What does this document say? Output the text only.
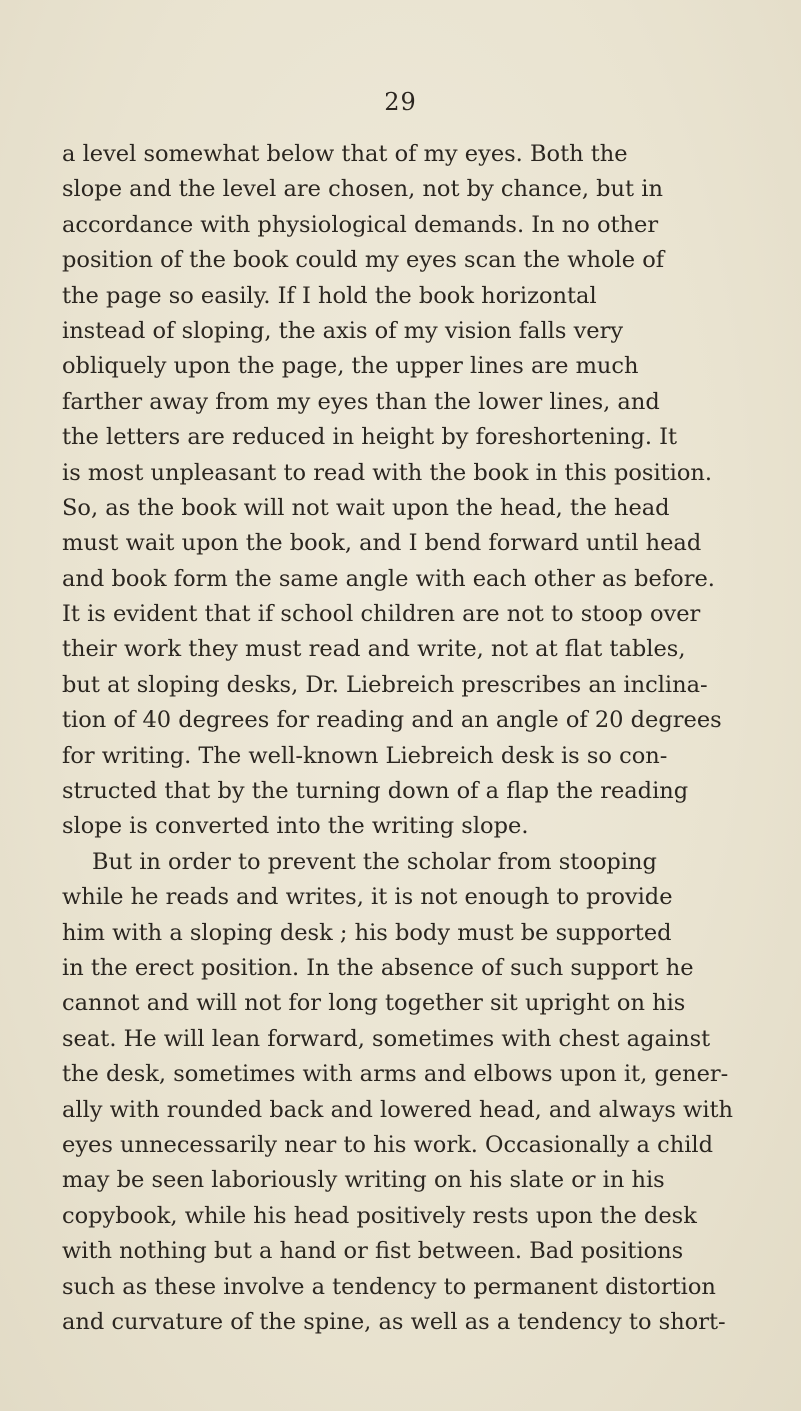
29
a level somewhat below that of my eyes. Both the
slope and the level are chosen, not by chance, but in
accordance with physiological demands. In no other
position of the book could my eyes scan the whole of
the page so easily. If I hold the book horizontal
instead of sloping, the axis of my vision falls very
obliquely upon the page, the upper lines are much
farther away from my eyes than the lower lines, and
the letters are reduced in height by foreshortening. It
is most unpleasant to read with the book in this position.
So, as the book will not wait upon the head, the head
must wait upon the book, and I bend forward until head
and book form the same angle with each other as before.
It is evident that if school children are not to stoop over
their work they must read and write, not at flat tables,
but at sloping desks, Dr. Liebreich prescribes an inclina-
tion of 40 degrees for reading and an angle of 20 degrees
for writing. The well-known Liebreich desk is so con-
structed that by the turning down of a flap the reading
slope is converted into the writing slope.
But in order to prevent the scholar from stooping
while he reads and writes, it is not enough to provide
him with a sloping desk ; his body must be supported
in the erect position. In the absence of such support he
cannot and will not for long together sit upright on his
seat. He will lean forward, sometimes with chest against
the desk, sometimes with arms and elbows upon it, gener-
ally with rounded back and lowered head, and always with
eyes unnecessarily near to his work. Occasionally a child
may be seen laboriously writing on his slate or in his
copybook, while his head positively rests upon the desk
with nothing but a hand or fist between. Bad positions
such as these involve a tendency to permanent distortion
and curvature of the spine, as well as a tendency to short-
